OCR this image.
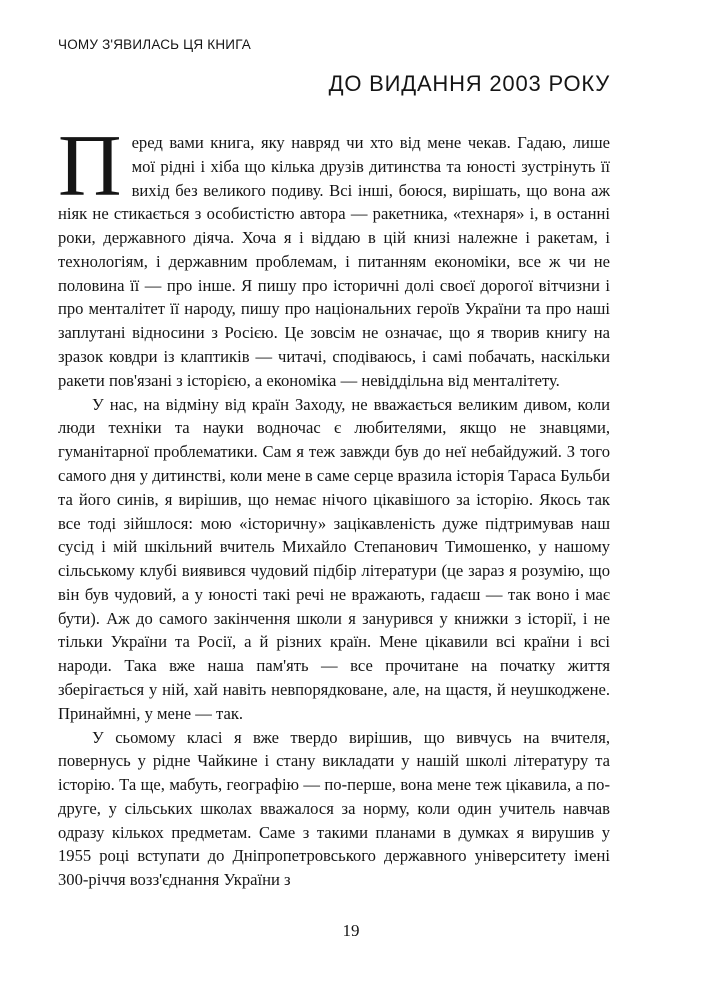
ЧОМУ З'ЯВИЛАСЬ ЦЯ КНИГА
ДО ВИДАННЯ 2003 РОКУ

Перед вами книга, яку навряд чи хто від мене чекав. Гадаю, лише мої рідні і хіба що кілька друзів дитинства та юності зустрінуть її вихід без великого подиву. Всі інші, боюся, вирішать, що вона аж ніяк не стикається з особистістю автора — ракетника, «технаря» і, в останні роки, державного діяча. Хоча я і віддаю в цій книзі належне і ракетам, і технологіям, і державним проблемам, і питанням економіки, все ж чи не половина її — про інше. Я пишу про історичні долі своєї дорогої вітчизни і про менталітет її народу, пишу про національних героїв України та про наші заплутані відносини з Росією. Це зовсім не означає, що я творив книгу на зразок ковдри із клаптиків — читачі, сподіваюсь, і самі побачать, наскільки ракети пов'язані з історією, а економіка — невіддільна від менталітету.

У нас, на відміну від країн Заходу, не вважається великим дивом, коли люди техніки та науки водночас є любителями, якщо не знавцями, гуманітарної проблематики. Сам я теж завжди був до неї небайдужий. З того самого дня у дитинстві, коли мене в саме серце вразила історія Тараса Бульби та його синів, я вирішив, що немає нічого цікавішого за історію. Якось так все тоді зійшлося: мою «історичну» зацікавленість дуже підтримував наш сусід і мій шкільний вчитель Михайло Степанович Тимошенко, у нашому сільському клубі виявився чудовий підбір літератури (це зараз я розумію, що він був чудовий, а у юності такі речі не вражають, гадаєш — так воно і має бути). Аж до самого закінчення школи я занурився у книжки з історії, і не тільки України та Росії, а й різних країн. Мене цікавили всі країни і всі народи. Така вже наша пам'ять — все прочитане на початку життя зберігається у ній, хай навіть невпорядковане, але, на щастя, й неушкоджене. Принаймні, у мене — так.

У сьомому класі я вже твердо вирішив, що вивчусь на вчителя, повернусь у рідне Чайкине і стану викладати у нашій школі літературу та історію. Та ще, мабуть, географію — по-перше, вона мене теж цікавила, а по-друге, у сільських школах вважалося за норму, коли один учитель навчав одразу кількох предметам. Саме з такими планами в думках я вирушив у 1955 році вступати до Дніпропетровського державного університету імені 300-річчя возз'єднання України з

19
